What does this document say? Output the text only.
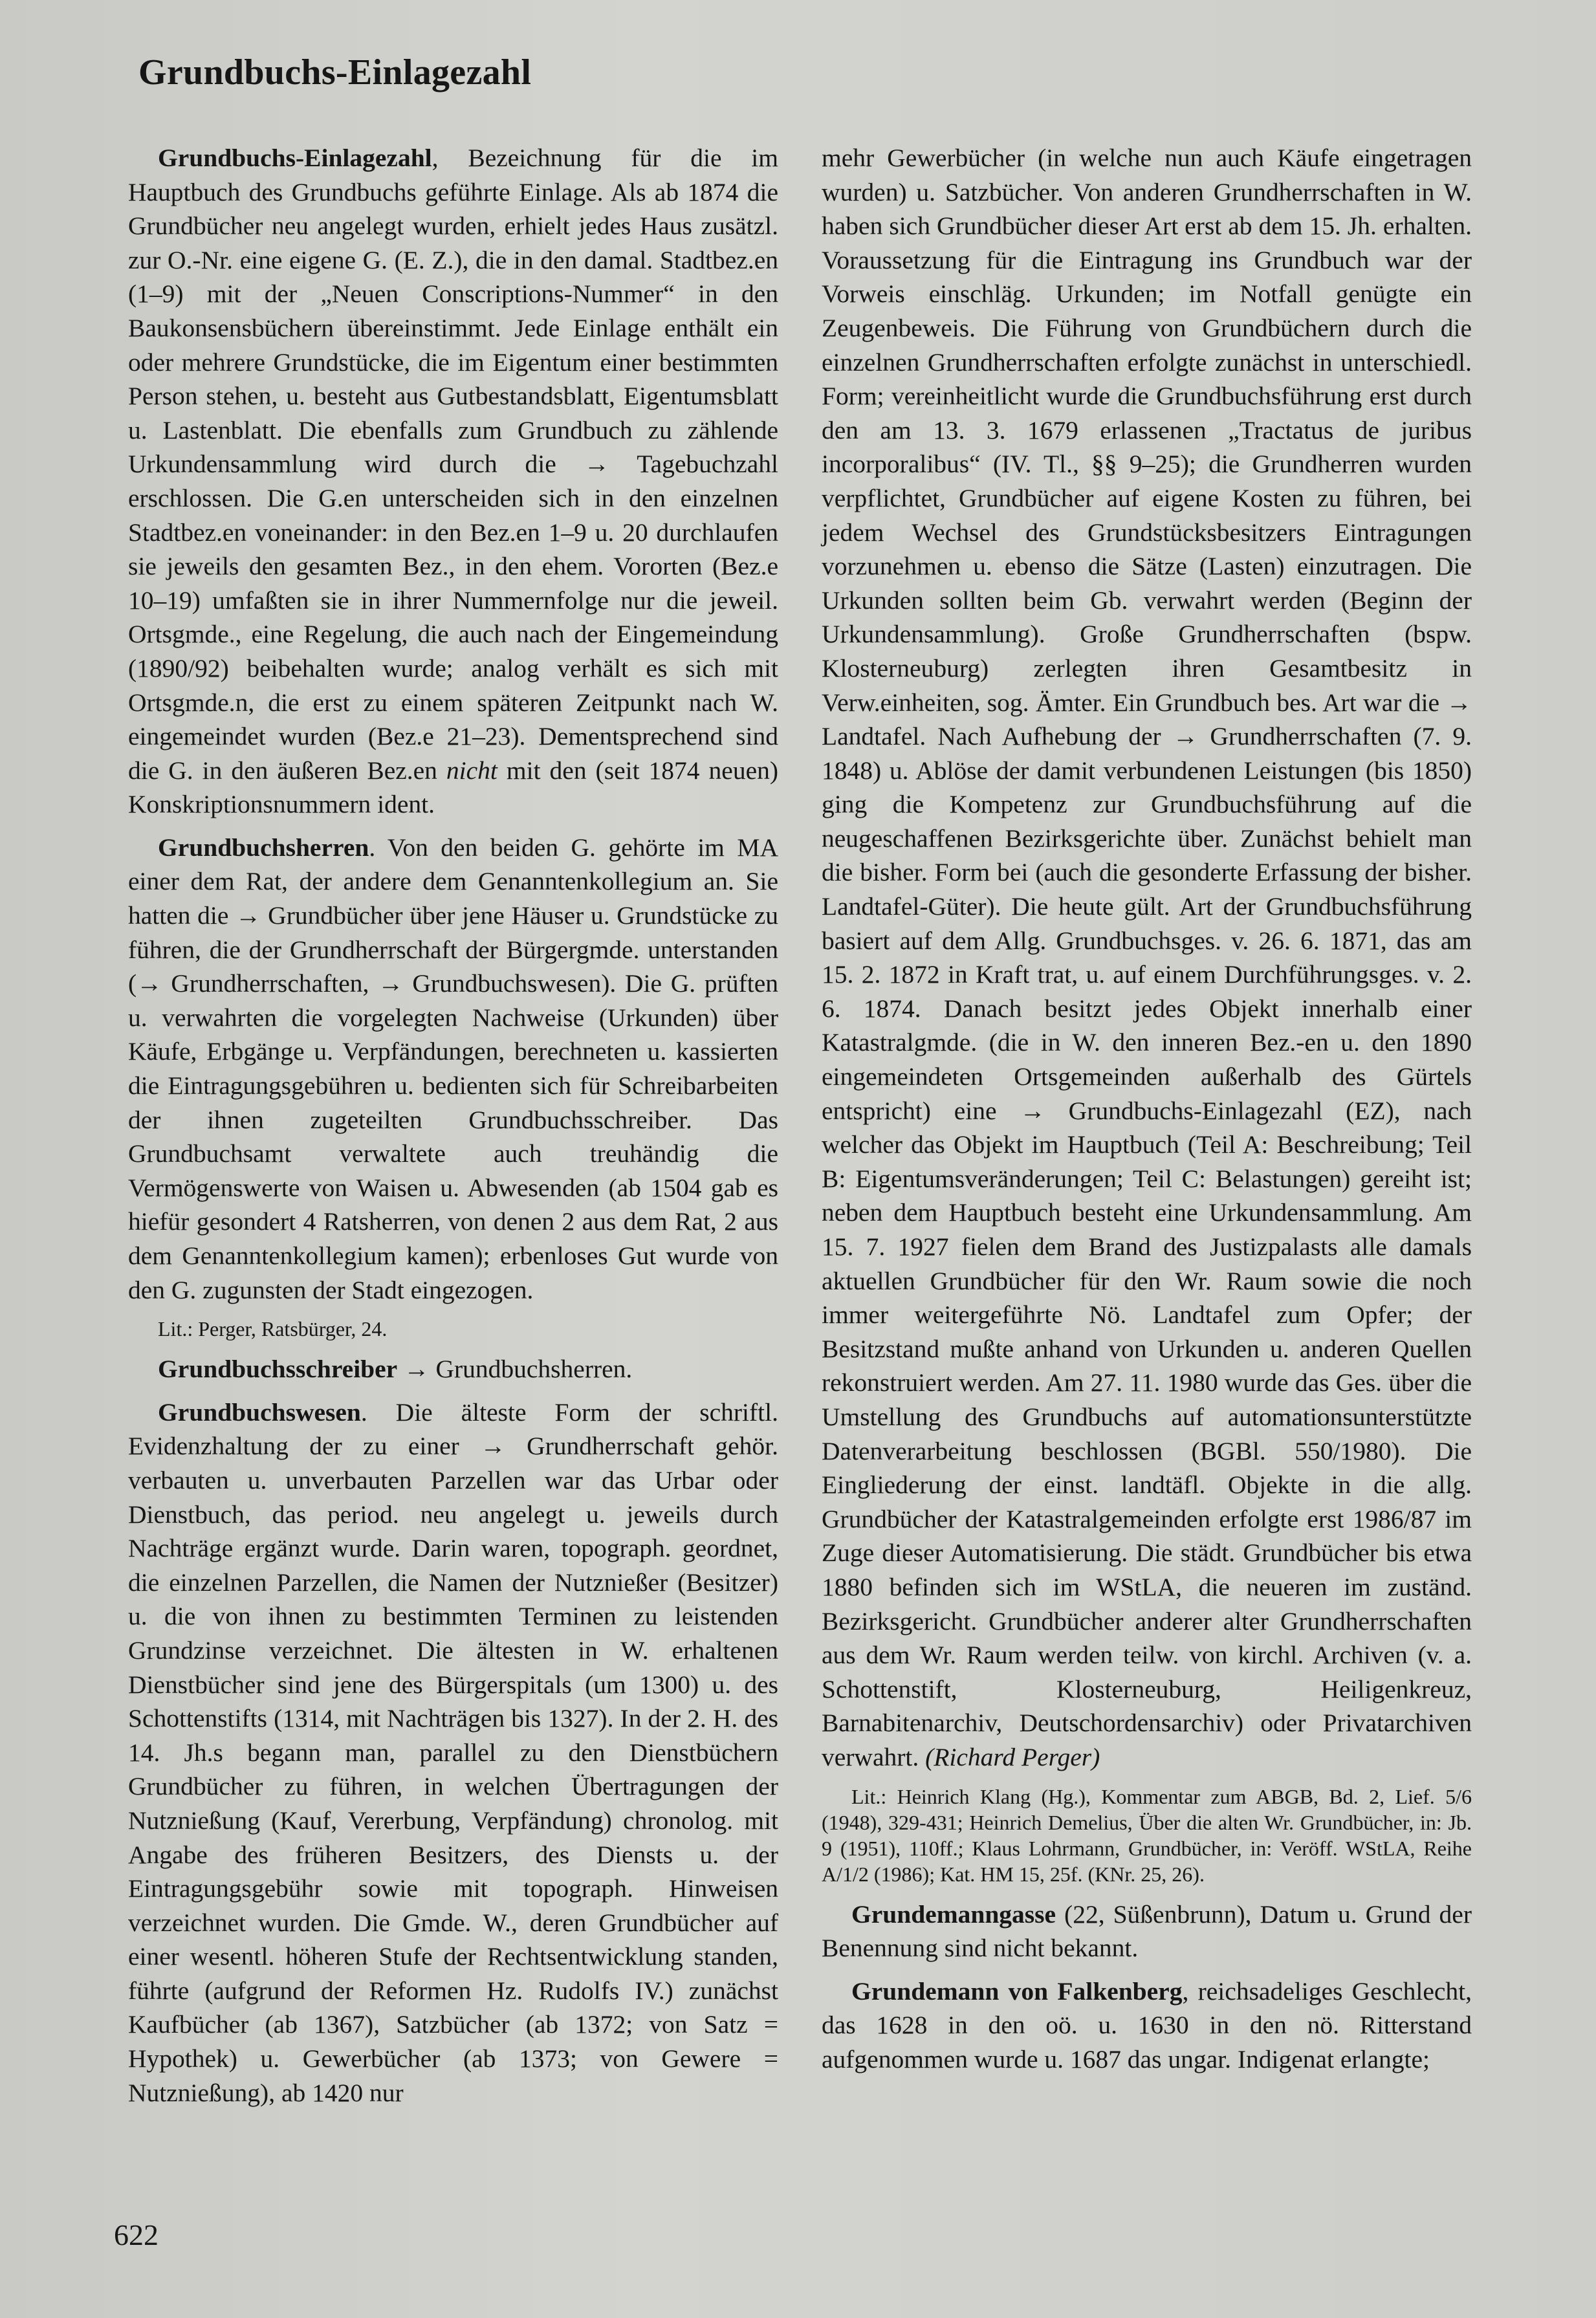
Grundbuchs-Einlagezahl

Grundbuchs-Einlagezahl, Bezeichnung für die im Hauptbuch des Grundbuchs geführte Einlage. Als ab 1874 die Grundbücher neu angelegt wurden, erhielt jedes Haus zusätzl. zur O.-Nr. eine eigene G. (E. Z.), die in den damal. Stadtbez.en (1–9) mit der „Neuen Conscriptions-Nummer“ in den Baukonsensbüchern übereinstimmt. Jede Einlage enthält ein oder mehrere Grundstücke, die im Eigentum einer bestimmten Person stehen, u. besteht aus Gutbestandsblatt, Eigentumsblatt u. Lastenblatt. Die ebenfalls zum Grundbuch zu zählende Urkundensammlung wird durch die → Tagebuchzahl erschlossen. Die G.en unterscheiden sich in den einzelnen Stadtbez.en voneinander: in den Bez.en 1–9 u. 20 durchlaufen sie jeweils den gesamten Bez., in den ehem. Vororten (Bez.e 10–19) umfaßten sie in ihrer Nummernfolge nur die jeweil. Ortsgmde., eine Regelung, die auch nach der Eingemeindung (1890/92) beibehalten wurde; analog verhält es sich mit Ortsgmde.n, die erst zu einem späteren Zeitpunkt nach W. eingemeindet wurden (Bez.e 21–23). Dementsprechend sind die G. in den äußeren Bez.en nicht mit den (seit 1874 neuen) Konskriptionsnummern ident.

Grundbuchsherren. Von den beiden G. gehörte im MA einer dem Rat, der andere dem Genanntenkollegium an. Sie hatten die → Grundbücher über jene Häuser u. Grundstücke zu führen, die der Grundherrschaft der Bürgergmde. unterstanden (→ Grundherrschaften, → Grundbuchswesen). Die G. prüften u. verwahrten die vorgelegten Nachweise (Urkunden) über Käufe, Erbgänge u. Verpfändungen, berechneten u. kassierten die Eintragungsgebühren u. bedienten sich für Schreibarbeiten der ihnen zugeteilten Grundbuchsschreiber. Das Grundbuchsamt verwaltete auch treuhändig die Vermögenswerte von Waisen u. Abwesenden (ab 1504 gab es hiefür gesondert 4 Ratsherren, von denen 2 aus dem Rat, 2 aus dem Genanntenkollegium kamen); erbenloses Gut wurde von den G. zugunsten der Stadt eingezogen.

Lit.: Perger, Ratsbürger, 24.

Grundbuchsschreiber → Grundbuchsherren.

Grundbuchswesen. Die älteste Form der schriftl. Evidenzhaltung der zu einer → Grundherrschaft gehör. verbauten u. unverbauten Parzellen war das Urbar oder Dienstbuch, das period. neu angelegt u. jeweils durch Nachträge ergänzt wurde. Darin waren, topograph. geordnet, die einzelnen Parzellen, die Namen der Nutznießer (Besitzer) u. die von ihnen zu bestimmten Terminen zu leistenden Grundzinse verzeichnet. Die ältesten in W. erhaltenen Dienstbücher sind jene des Bürgerspitals (um 1300) u. des Schottenstifts (1314, mit Nachträgen bis 1327). In der 2. H. des 14. Jh.s begann man, parallel zu den Dienstbüchern Grundbücher zu führen, in welchen Übertragungen der Nutznießung (Kauf, Vererbung, Verpfändung) chronolog. mit Angabe des früheren Besitzers, des Diensts u. der Eintragungsgebühr sowie mit topograph. Hinweisen verzeichnet wurden. Die Gmde. W., deren Grundbücher auf einer wesentl. höheren Stufe der Rechtsentwicklung standen, führte (aufgrund der Reformen Hz. Rudolfs IV.) zunächst Kaufbücher (ab 1367), Satzbücher (ab 1372; von Satz = Hypothek) u. Gewerbücher (ab 1373; von Gewere = Nutznießung), ab 1420 nur

mehr Gewerbücher (in welche nun auch Käufe eingetragen wurden) u. Satzbücher. Von anderen Grundherrschaften in W. haben sich Grundbücher dieser Art erst ab dem 15. Jh. erhalten. Voraussetzung für die Eintragung ins Grundbuch war der Vorweis einschläg. Urkunden; im Notfall genügte ein Zeugenbeweis. Die Führung von Grundbüchern durch die einzelnen Grundherrschaften erfolgte zunächst in unterschiedl. Form; vereinheitlicht wurde die Grundbuchsführung erst durch den am 13. 3. 1679 erlassenen „Tractatus de juribus incorporalibus“ (IV. Tl., §§ 9–25); die Grundherren wurden verpflichtet, Grundbücher auf eigene Kosten zu führen, bei jedem Wechsel des Grundstücksbesitzers Eintragungen vorzunehmen u. ebenso die Sätze (Lasten) einzutragen. Die Urkunden sollten beim Gb. verwahrt werden (Beginn der Urkundensammlung). Große Grundherrschaften (bspw. Klosterneuburg) zerlegten ihren Gesamtbesitz in Verw.einheiten, sog. Ämter. Ein Grundbuch bes. Art war die → Landtafel. Nach Aufhebung der → Grundherrschaften (7. 9. 1848) u. Ablöse der damit verbundenen Leistungen (bis 1850) ging die Kompetenz zur Grundbuchsführung auf die neugeschaffenen Bezirksgerichte über. Zunächst behielt man die bisher. Form bei (auch die gesonderte Erfassung der bisher. Landtafel-Güter). Die heute gült. Art der Grundbuchsführung basiert auf dem Allg. Grundbuchsges. v. 26. 6. 1871, das am 15. 2. 1872 in Kraft trat, u. auf einem Durchführungsges. v. 2. 6. 1874. Danach besitzt jedes Objekt innerhalb einer Katastralgmde. (die in W. den inneren Bez.-en u. den 1890 eingemeindeten Ortsgemeinden außerhalb des Gürtels entspricht) eine → Grundbuchs-Einlagezahl (EZ), nach welcher das Objekt im Hauptbuch (Teil A: Beschreibung; Teil B: Eigentumsveränderungen; Teil C: Belastungen) gereiht ist; neben dem Hauptbuch besteht eine Urkundensammlung. Am 15. 7. 1927 fielen dem Brand des Justizpalasts alle damals aktuellen Grundbücher für den Wr. Raum sowie die noch immer weitergeführte Nö. Landtafel zum Opfer; der Besitzstand mußte anhand von Urkunden u. anderen Quellen rekonstruiert werden. Am 27. 11. 1980 wurde das Ges. über die Umstellung des Grundbuchs auf automationsunterstützte Datenverarbeitung beschlossen (BGBl. 550/1980). Die Eingliederung der einst. landtäfl. Objekte in die allg. Grundbücher der Katastralgemeinden erfolgte erst 1986/87 im Zuge dieser Automatisierung. Die städt. Grundbücher bis etwa 1880 befinden sich im WStLA, die neueren im zuständ. Bezirksgericht. Grundbücher anderer alter Grundherrschaften aus dem Wr. Raum werden teilw. von kirchl. Archiven (v. a. Schottenstift, Klosterneuburg, Heiligenkreuz, Barnabitenarchiv, Deutschordensarchiv) oder Privatarchiven verwahrt. (Richard Perger)

Lit.: Heinrich Klang (Hg.), Kommentar zum ABGB, Bd. 2, Lief. 5/6 (1948), 329-431; Heinrich Demelius, Über die alten Wr. Grundbücher, in: Jb. 9 (1951), 110ff.; Klaus Lohrmann, Grundbücher, in: Veröff. WStLA, Reihe A/1/2 (1986); Kat. HM 15, 25f. (KNr. 25, 26).

Grundemanngasse (22, Süßenbrunn), Datum u. Grund der Benennung sind nicht bekannt.

Grundemann von Falkenberg, reichsadeliges Geschlecht, das 1628 in den oö. u. 1630 in den nö. Ritterstand aufgenommen wurde u. 1687 das ungar. Indigenat erlangte;

622
